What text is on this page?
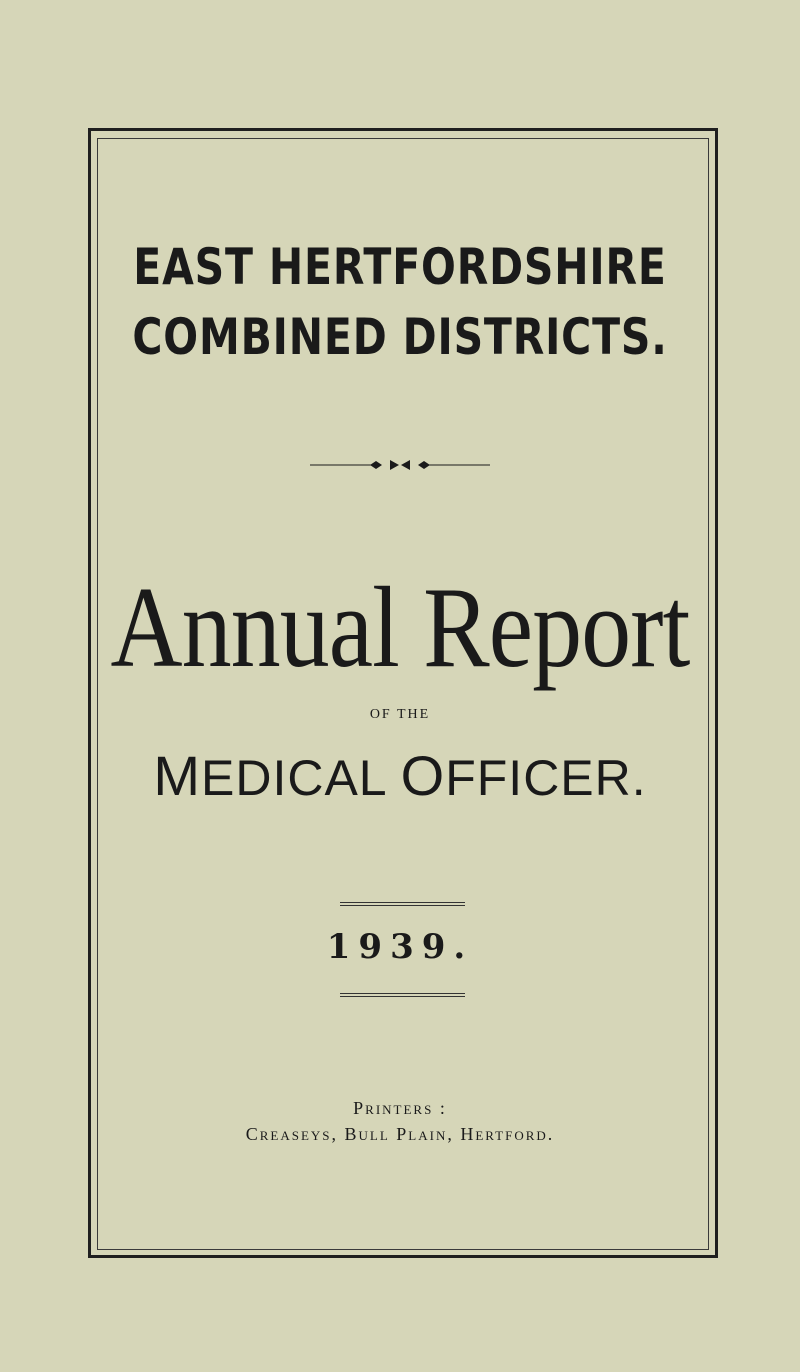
EAST HERTFORDSHIRE
COMBINED DISTRICTS.
Annual Report
OF THE
MEDICAL OFFICER.
1939.
Printers :
Creaseys, Bull Plain, Hertford.
